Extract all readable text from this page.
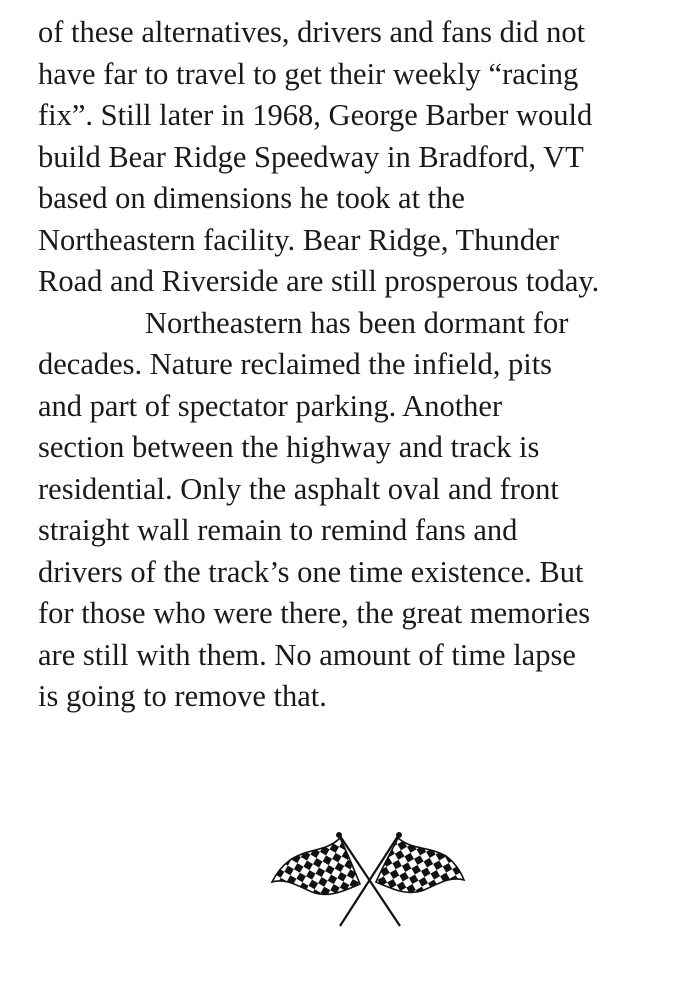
of these alternatives, drivers and fans did not
have far to travel to get their weekly “racing
fix”. Still later in 1968, George Barber would
build Bear Ridge Speedway in Bradford, VT
based on dimensions he took at the
Northeastern facility. Bear Ridge, Thunder
Road and Riverside are still prosperous today.
Northeastern has been dormant for
decades. Nature reclaimed the infield, pits
and part of spectator parking. Another
section between the highway and track is
residential. Only the asphalt oval and front
straight wall remain to remind fans and
drivers of the track’s one time existence. But
for those who were there, the great memories
are still with them. No amount of time lapse
is going to remove that.
